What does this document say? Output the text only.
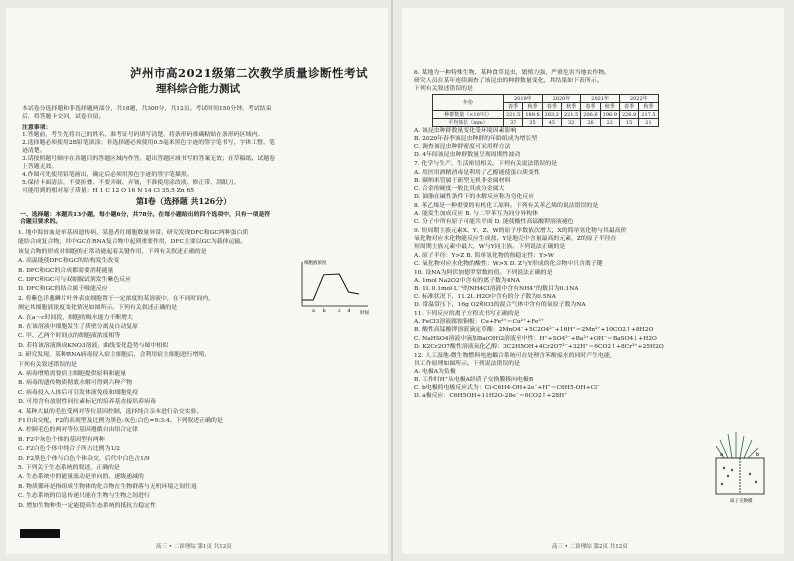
泸州市高2021级第二次教学质量诊断性考试
理科综合能力测试
本试卷分选择题和非选择题两部分，共18题，共300分，共12页。考试时间150分钟。考试结束
后，将答题卡交回，试卷自留。
注意事项：
1.答题前，考生先将自己的姓名、准考证号码填写清楚，将条形码准确粘贴在条形码区域内。
2.选择题必须使用2B铅笔填涂；非选择题必须使用0.5毫米黑色字迹的签字笔书写，字体工整、笔
迹清楚。
3.请按照题号顺序在各题目的答题区域内作答，超出答题区域书写的答案无效；在草稿纸、试题卷
上答题无效。
4.作图可先使用铅笔画出，确定后必须用黑色字迹的签字笔描黑。
5.保持卡面清洁，不要折叠、不要弄破、弄皱，不准使用涂改液、修正带、刮纸刀。
可能用到的相对原子质量：H 1 C 12 O 16 N 14 Cl 35.5 Zn 65
第Ⅰ卷（选择题 共126分）
一、选择题：本题共13小题，每小题6分，共78分。在每小题给出的四个选项中，只有一项是符
合题目要求的。
1. 地中海贫血是单基因遗传病，某患者红细胞数量异常。研究发现DFC和GC两种蛋白质
能结合成复合物，其中GC在RNA复合物中起到重要作用，DFC主要以GC为载体运输。
该复合物的形成对细胞的正常功能起着关键作用，下列有关叙述正确的是
A. 高温能使DFC和GC的结构发生改变
B. DFC和GC的合成都需要消耗能量
C. DFC和GC可与双缩脲试剂发生紫色反应
D. DFC和GC的结合属于吸能反应
2. 将紫色洋葱鳞片叶外表皮细胞置于一定浓度的某溶液中，在不同时间内，
测定其细胞液浓度变化情况如图所示。下列有关叙述正确的是
A. 在a～c时间段，细胞的吸水能力不断增大
B. 在该溶液中细胞发生了质壁分离及自动复原
C. 甲、乙两个时间点的细胞液浓度相等
D. 若将该溶液换成KNO3溶液，曲线变化趋势与图中相似
3. 研究发现，某种RNA病毒侵入宿主细胞后，会利用宿主细胞进行增殖，
下列有关叙述错误的是
A. 病毒增殖需要宿主细胞提供原料和能量
B. 病毒的遗传物质彻底水解可得到六种产物
C. 病毒侵入人体后可引发体液免疫和细胞免疫
D. 可用含有放射性同位素标记的培养基直接培养病毒
4. 某种大鼠的毛色受两对等位基因控制，选择纯合亲本进行杂交实验，
F1自由交配，F2的表现型及比例为黑色:灰色:白色=9:3:4。下列叙述正确的是
A. 控制毛色的两对等位基因遵循自由组合定律
B. F2中灰色个体的基因型有两种
C. F2白色个体中纯合子所占比例为1/2
D. F2黑色个体与白色个体杂交，后代中白色占1/9
5. 下列关于生态系统的叙述，正确的是
A. 生态系统中的能量流动是单向的、逐级递减的
B. 物质循环是指组成生物体的化合物在生物群落与无机环境之间往返
C. 生态系统的信息传递只能在生物与生物之间进行
D. 增加生物种类一定能提高生态系统的抵抗力稳定性
细胞液浓度
时间
a b	c d
高三 • 二诊理综 第1页 共12页
6. 某地为一种特殊生物，某种食草昆虫，繁殖力强，严重危害当地农作物。
研究人员在某年连续调查了该昆虫的种群数量变化，其结果如下表所示。
下列有关叙述错误的是
年份	2019年		2020年		2021年		2022年	
	春季	秋季	春季	秋季	春季	秋季	春季	秋季
种群数量（×10²只）	221.5	189.6	263.2	221.5	206.6	196.9	226.8	217.5
平均体长（mm）	37	35	45	32	26	22	15	21
A. 该昆虫种群数量变化受环境因素影响
B. 2020年春季该昆虫种群的年龄组成为增长型
C. 调查该昆虫种群密度可采用样方法
D. 4年间该昆虫种群数量呈现周期性波动
7. 化学与生产、生活密切相关。下列有关说法错误的是
A. 用医用酒精消毒是利用了乙醇能使蛋白质变性
B. 碳纳米管属于新型无机非金属材料
C. 合金的硬度一般比其成分金属大
D. 油脂在碱性条件下的水解反应称为皂化反应
8. 苯乙烯是一种重要的有机化工原料。下列有关苯乙烯的说法错误的是
A. 能发生加成反应 B. 与二甲苯互为同分异构体
C. 分子中所有原子可能共平面 D. 能使酸性高锰酸钾溶液褪色
9. 短周期主族元素X、Y、Z、W的原子序数依次增大，X的简单氢化物与其最高价
氧化物对应水化物能反应生成盐，Y是地壳中含量最高的元素，Z的原子半径在
短周期主族元素中最大，W与Y同主族。下列说法正确的是
A. 原子半径：Y>Z B. 简单氢化物的热稳定性：Y>W
C. 氧化物对应水化物的酸性：W>X D. Z与Y形成的化合物中只含离子键
10. 设NA为阿伏加德罗常数的值。下列说法正确的是
A. 1mol Na2O2中含有的离子数为4NA
B. 1L 0.1mol·L⁻¹的NH4Cl溶液中含有NH4⁺的数目为0.1NA
C. 标准状况下，11.2L H2O中含有的分子数为0.5NA
D. 常温常压下，16g O2和O3的混合气体中含有的氧原子数为NA
11. 下列反应的离子方程式书写正确的是
A. FeCl3溶液腐蚀铜板：Cu+Fe³⁺＝Cu²⁺+Fe²⁺
B. 酸性高锰酸钾溶液滴定草酸：2MnO4⁻+5C2O4²⁻+16H⁺＝2Mn²⁺+10CO2↑+8H2O
C. NaHSO4溶液中滴加Ba(OH)2溶液至中性：H⁺+SO4²⁻+Ba²⁺+OH⁻＝BaSO4↓+H2O
D. K2Cr2O7酸性溶液氧化乙醇：3C2H5OH+4Cr2O7²⁻+32H⁺＝6CO2↑+8Cr³⁺+25H2O
12. 人工湿地-微生物燃料电池耦合系统可在处理含苯酚废水的同时产生电能，
其工作原理如图所示。下列说法错误的是
A. 电极A为负极
B. 工作时H⁺从电极A经质子交换膜移向电极B
C. b电极的电极反应式为：Cl-C6H4-OH+2e⁻+H⁺＝C6H5-OH+Cl⁻
D. a极反应：C6H5OH+11H2O-28e⁻＝6CO2↑+28H⁺
a	b
质子交换膜
高三 • 二诊理综 第2页 共12页
